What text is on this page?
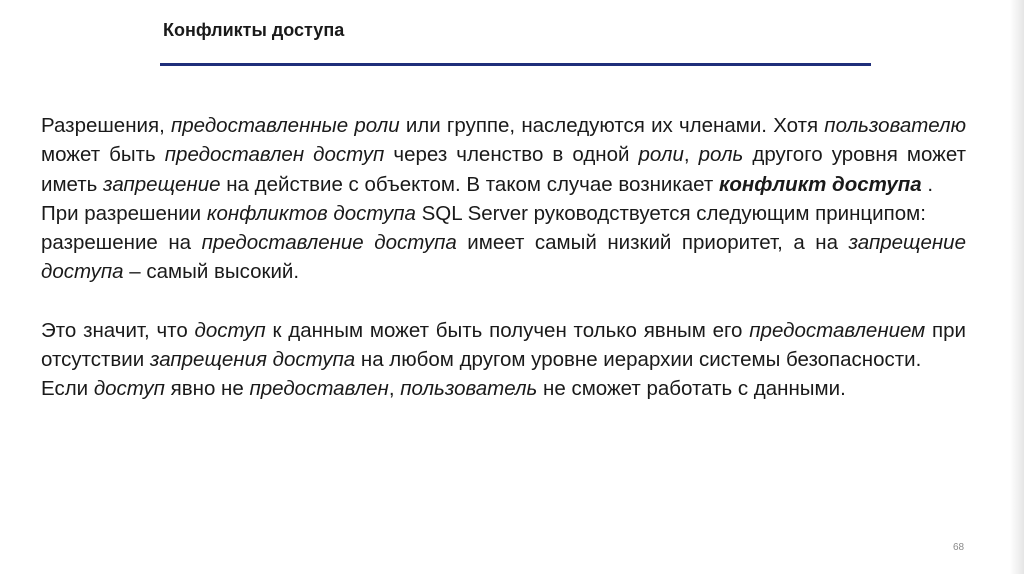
Конфликты доступа

Разрешения, предоставленные роли или группе, наследуются их членами. Хотя пользователю может быть предоставлен доступ через членство в одной роли, роль другого уровня может иметь запрещение на действие с объектом. В таком случае возникает конфликт доступа .

При разрешении конфликтов доступа SQL Server руководствуется следующим принципом:

разрешение на предоставление доступа имеет самый низкий приоритет, а на запрещение доступа – самый высокий.

Это значит, что доступ к данным может быть получен только явным его предоставлением при отсутствии запрещения доступа на любом другом уровне иерархии системы безопасности.

Если доступ явно не предоставлен, пользователь не сможет работать с данными.

68
